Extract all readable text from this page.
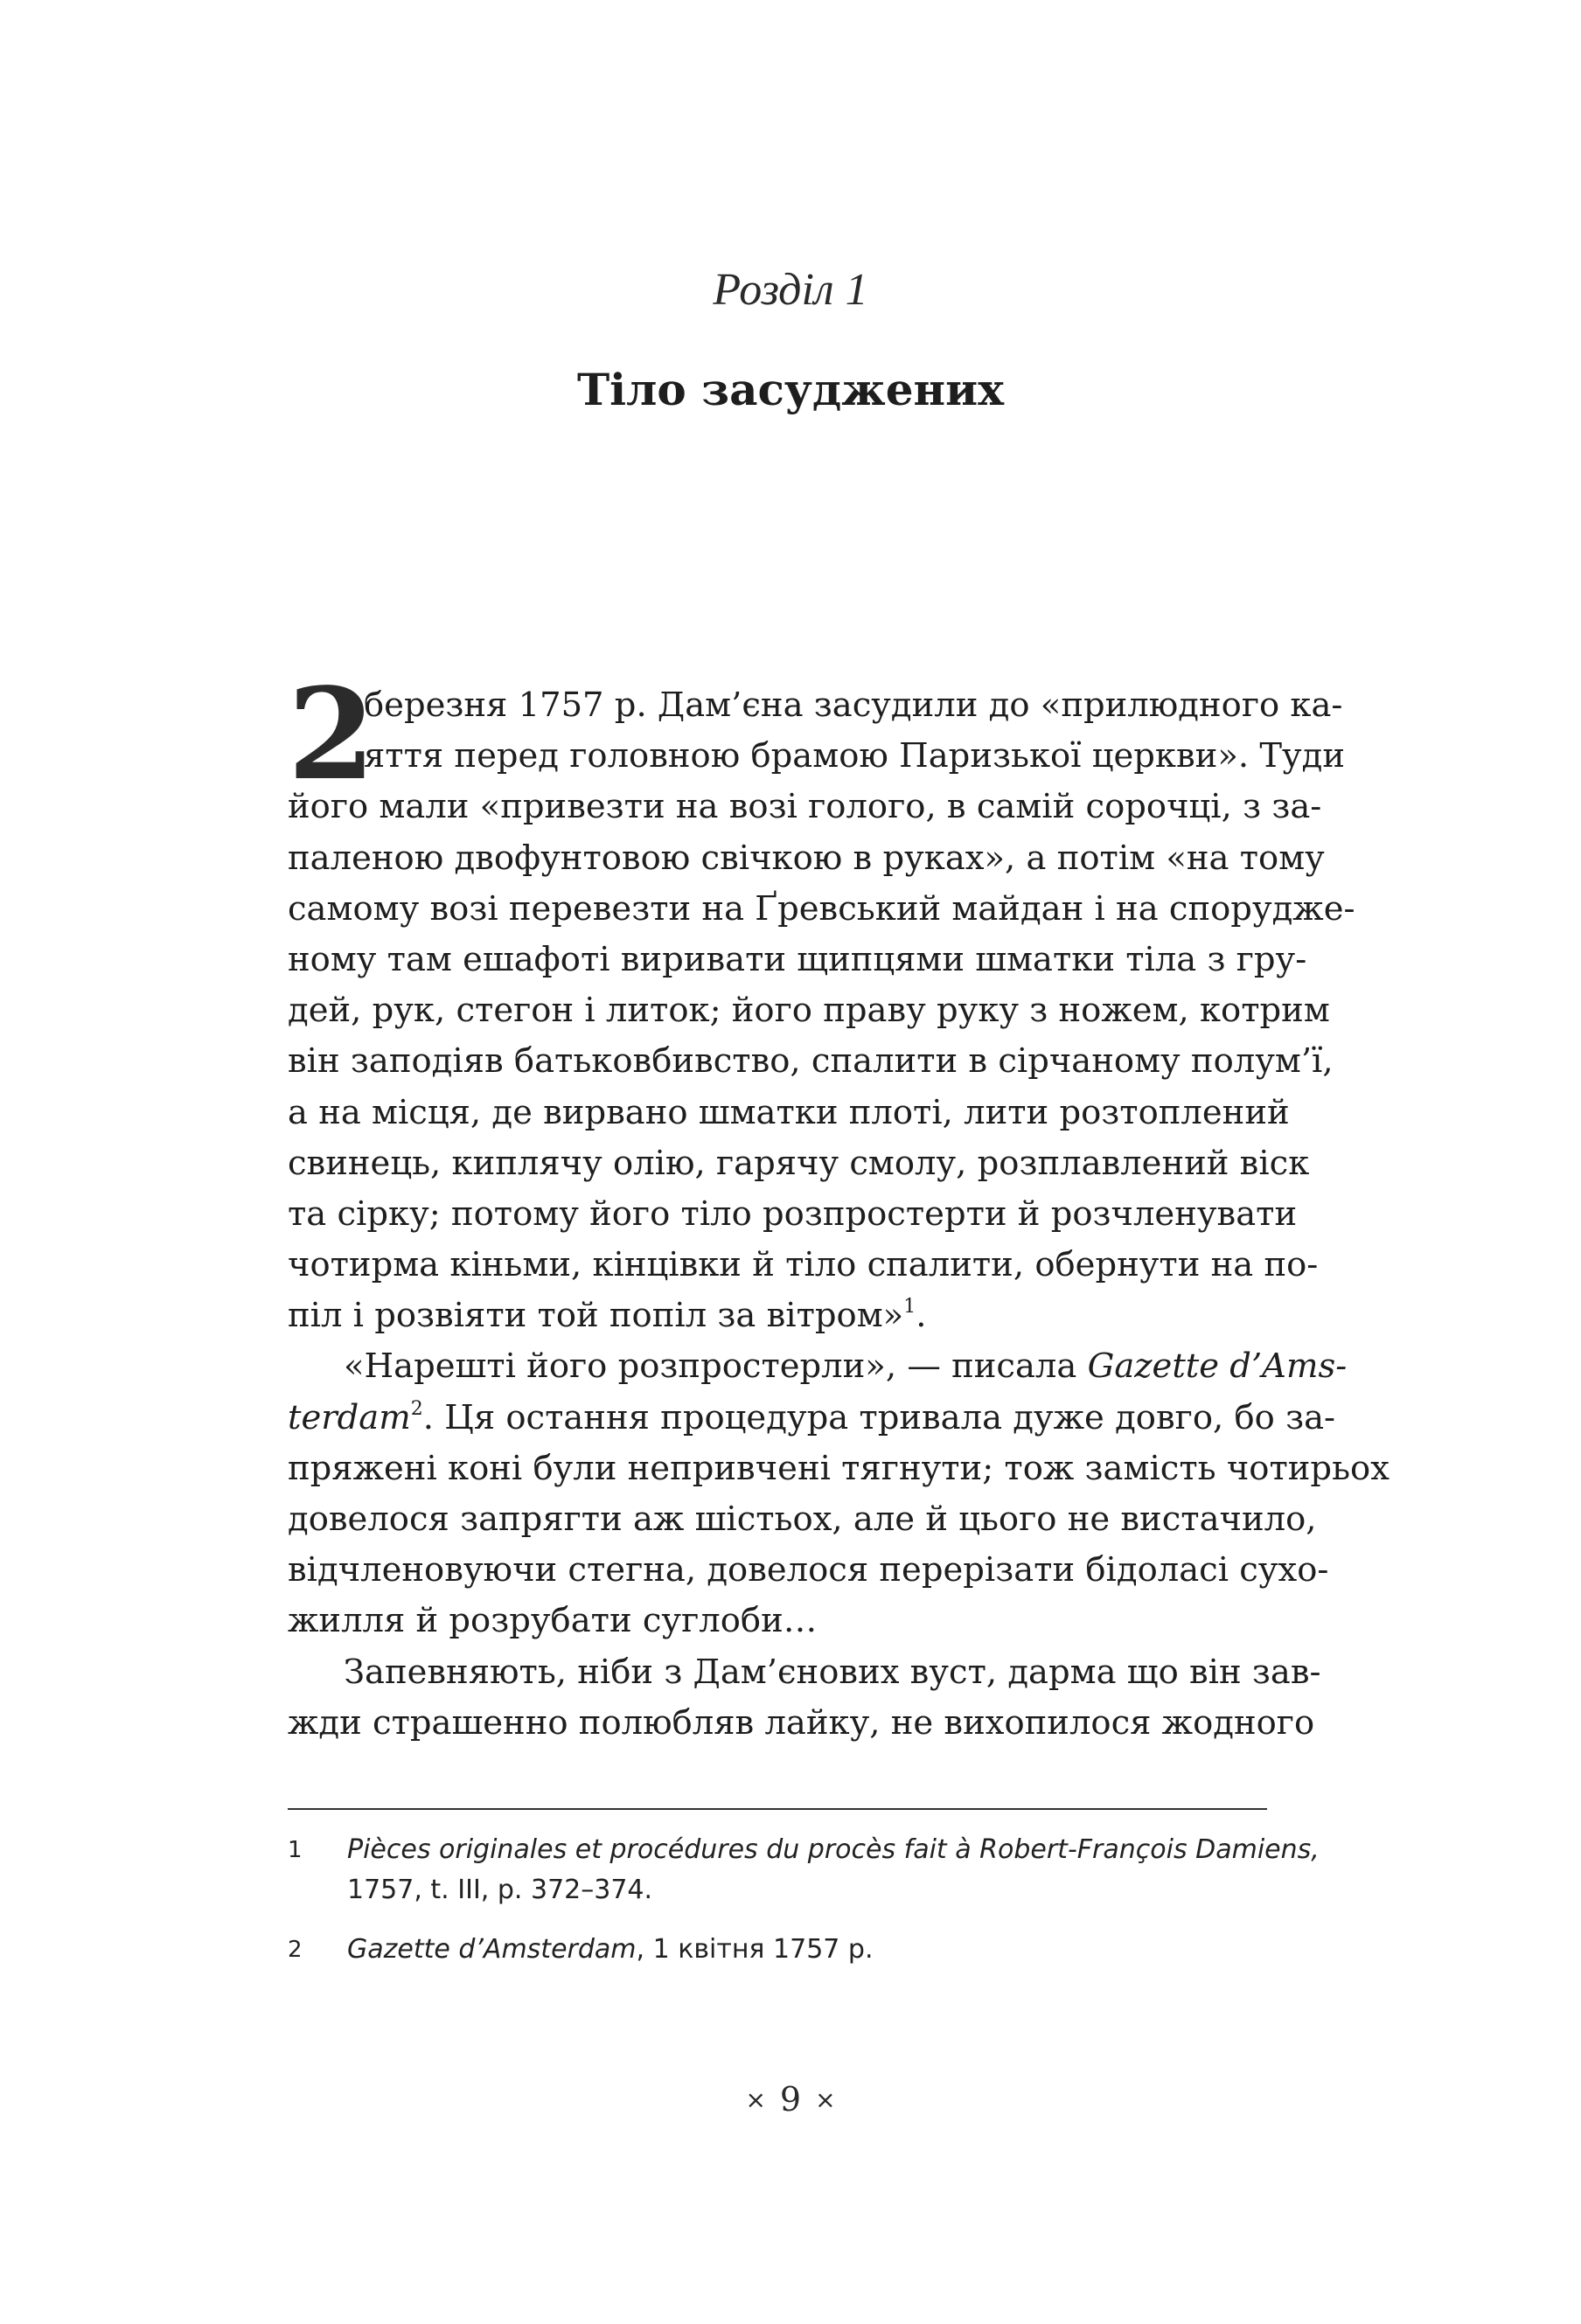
Розділ 1
Тіло засуджених
2
березня 1757 р. Дам’єна засудили до «прилюдного ка-
яття перед головною брамою Паризької церкви». Туди
його мали «привезти на возі голого, в самій сорочці, з за-
паленою двофунтовою свічкою в руках», а потім «на тому
самому возі перевезти на Ґревський майдан і на споруджe-
ному там ешафоті виривати щипцями шматки тіла з гру-
дей, рук, стегон і литок; його праву руку з ножем, котрим
він заподіяв батьковбивство, спалити в сірчаному полум’ї,
а на місця, де вирвано шматки плоті, лити розтоплений
свинець, киплячу олію, гарячу смолу, розплавлений віск
та сірку; потому його тіло розпростерти й розчленувати
чотирма кіньми, кінцівки й тіло спалити, обернути на по-
піл і розвіяти той попіл за вітром»$^1$.
«Нарешті його розпростерли», — писала Gazette d’Ams-
terdam$^2$. Ця остання процедура тривала дуже довго, бо за-
пряжені коні були непривчені тягнути; тож замість чотирьох
довелося запрягти аж шістьох, але й цього не вистачило,
відчленовуючи стегна, довелося перерізати бідоласі сухо-
жилля й розрубати суглоби…
Запевняють, ніби з Дам’єнових вуст, дарма що він зав-
жди страшенно полюбляв лайку, не вихопилося жодного
1 Pièces originales et procédures du procès fait à Robert-François Damiens,
1757, t. III, p. 372–374.
2 Gazette d’Amsterdam, 1 квітня 1757 р.
× 9 ×
